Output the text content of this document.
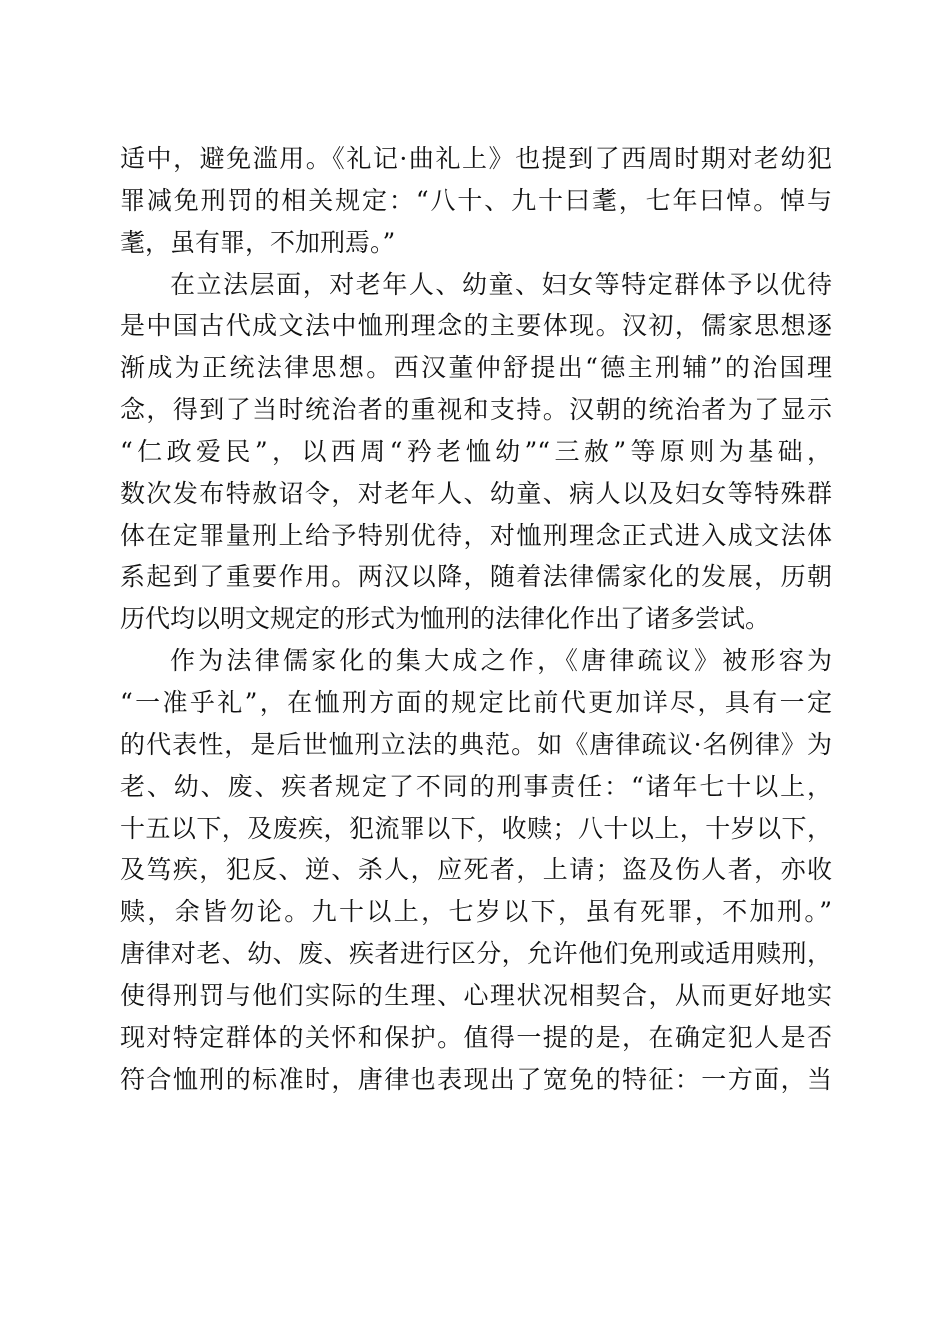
适中，避免滥用。《礼记·曲礼上》也提到了西周时期对老幼犯
罪减免刑罚的相关规定：“八十、九十曰耄，七年曰悼。悼与
耄，虽有罪，不加刑焉。”
在立法层面，对老年人、幼童、妇女等特定群体予以优待
是中国古代成文法中恤刑理念的主要体现。汉初，儒家思想逐
渐成为正统法律思想。西汉董仲舒提出“德主刑辅”的治国理
念，得到了当时统治者的重视和支持。汉朝的统治者为了显示
“仁政爱民”，以西周“矜老恤幼”“三赦”等原则为基础，
数次发布特赦诏令，对老年人、幼童、病人以及妇女等特殊群
体在定罪量刑上给予特别优待，对恤刑理念正式进入成文法体
系起到了重要作用。两汉以降，随着法律儒家化的发展，历朝
历代均以明文规定的形式为恤刑的法律化作出了诸多尝试。
作为法律儒家化的集大成之作，《唐律疏议》被形容为
“一准乎礼”，在恤刑方面的规定比前代更加详尽，具有一定
的代表性，是后世恤刑立法的典范。如《唐律疏议·名例律》为
老、幼、废、疾者规定了不同的刑事责任：“诸年七十以上，
十五以下，及废疾，犯流罪以下，收赎；八十以上，十岁以下，
及笃疾，犯反、逆、杀人，应死者，上请；盗及伤人者，亦收
赎，余皆勿论。九十以上，七岁以下，虽有死罪，不加刑。”
唐律对老、幼、废、疾者进行区分，允许他们免刑或适用赎刑，
使得刑罚与他们实际的生理、心理状况相契合，从而更好地实
现对特定群体的关怀和保护。值得一提的是，在确定犯人是否
符合恤刑的标准时，唐律也表现出了宽免的特征：一方面，当
